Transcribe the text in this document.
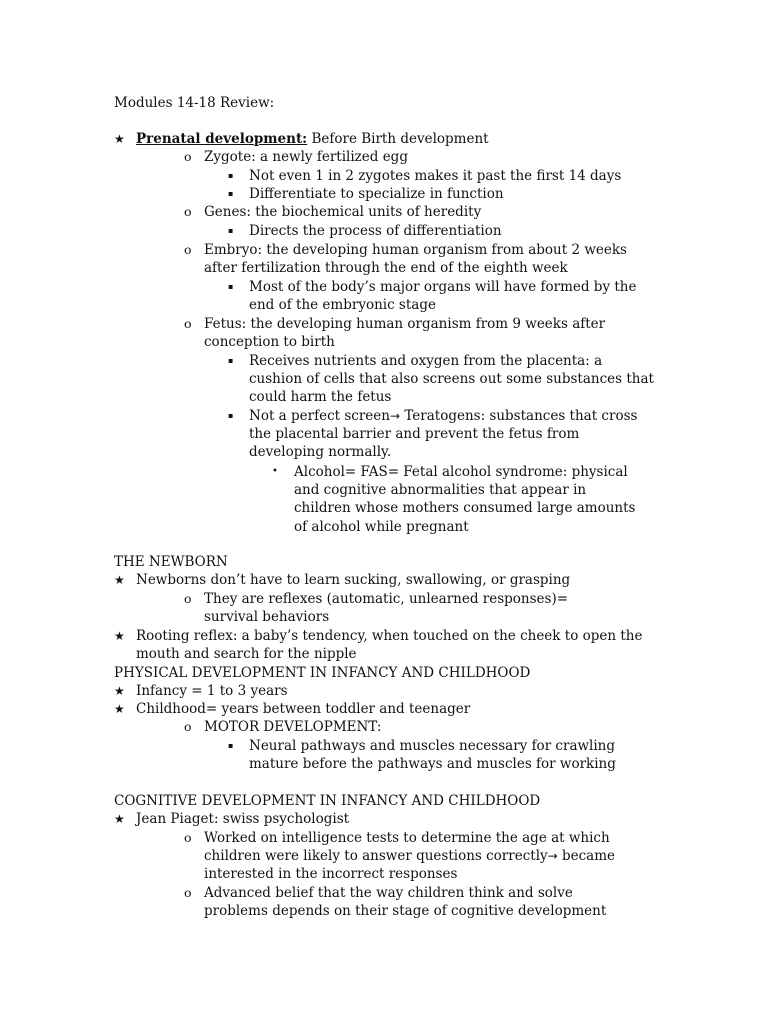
Modules 14-18 Review:
★ Prenatal development: Before Birth development
o Zygote: a newly fertilized egg
▪ Not even 1 in 2 zygotes makes it past the first 14 days
▪ Differentiate to specialize in function
o Genes: the biochemical units of heredity
▪ Directs the process of differentiation
o Embryo: the developing human organism from about 2 weeks after fertilization through the end of the eighth week
▪ Most of the body’s major organs will have formed by the end of the embryonic stage
o Fetus: the developing human organism from 9 weeks after conception to birth
▪ Receives nutrients and oxygen from the placenta: a cushion of cells that also screens out some substances that could harm the fetus
▪ Not a perfect screen→ Teratogens: substances that cross the placental barrier and prevent the fetus from developing normally.
• Alcohol= FAS= Fetal alcohol syndrome: physical and cognitive abnormalities that appear in children whose mothers consumed large amounts of alcohol while pregnant
THE NEWBORN
★ Newborns don’t have to learn sucking, swallowing, or grasping
o They are reflexes (automatic, unlearned responses)= survival behaviors
★ Rooting reflex: a baby’s tendency, when touched on the cheek to open the mouth and search for the nipple
PHYSICAL DEVELOPMENT IN INFANCY AND CHILDHOOD
★ Infancy = 1 to 3 years
★ Childhood= years between toddler and teenager
o MOTOR DEVELOPMENT:
▪ Neural pathways and muscles necessary for crawling mature before the pathways and muscles for working
COGNITIVE DEVELOPMENT IN INFANCY AND CHILDHOOD
★ Jean Piaget: swiss psychologist
o Worked on intelligence tests to determine the age at which children were likely to answer questions correctly→ became interested in the incorrect responses
o Advanced belief that the way children think and solve problems depends on their stage of cognitive development
